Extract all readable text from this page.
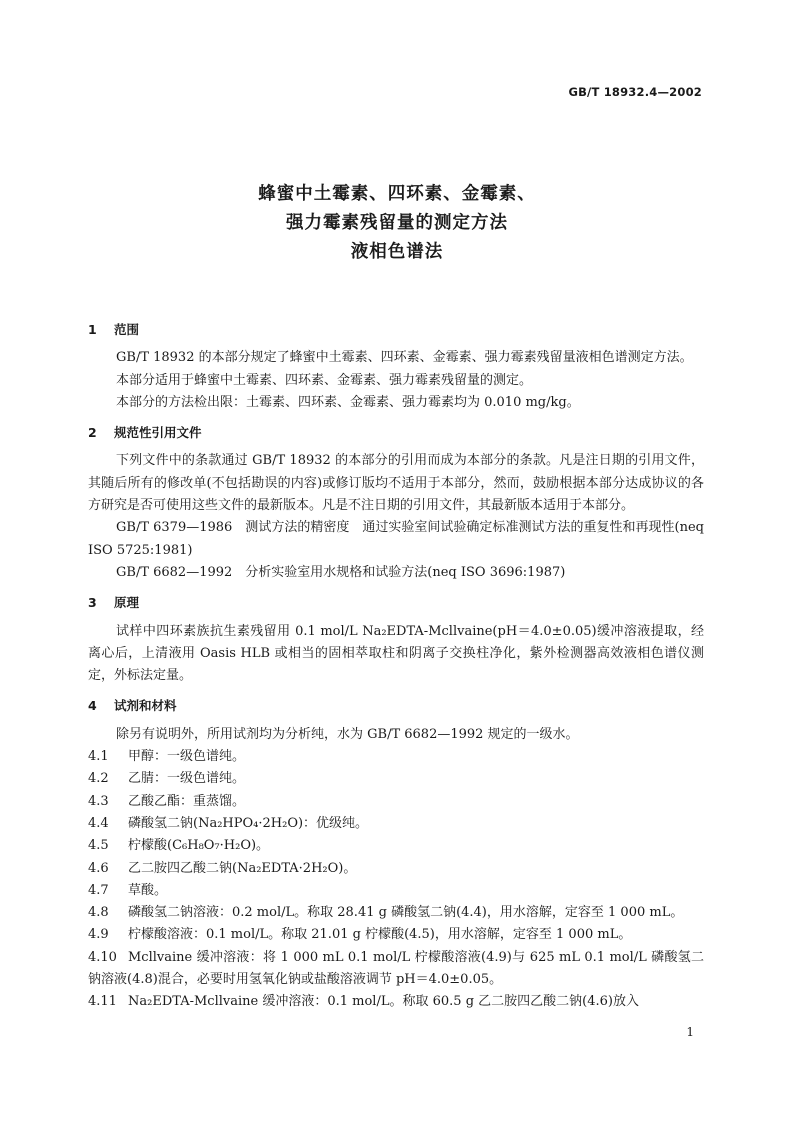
GB/T 18932.4—2002
蜂蜜中土霉素、四环素、金霉素、
强力霉素残留量的测定方法
液相色谱法
1 范围

GB/T 18932 的本部分规定了蜂蜜中土霉素、四环素、金霉素、强力霉素残留量液相色谱测定方法。

本部分适用于蜂蜜中土霉素、四环素、金霉素、强力霉素残留量的测定。

本部分的方法检出限：土霉素、四环素、金霉素、强力霉素均为 0.010 mg/kg。

2 规范性引用文件

下列文件中的条款通过 GB/T 18932 的本部分的引用而成为本部分的条款。凡是注日期的引用文件，其随后所有的修改单(不包括勘误的内容)或修订版均不适用于本部分，然而，鼓励根据本部分达成协议的各方研究是否可使用这些文件的最新版本。凡是不注日期的引用文件，其最新版本适用于本部分。

GB/T 6379—1986　测试方法的精密度　通过实验室间试验确定标准测试方法的重复性和再现性(neq ISO 5725:1981)

GB/T 6682—1992　分析实验室用水规格和试验方法(neq ISO 3696:1987)

3 原理

试样中四环素族抗生素残留用 0.1 mol/L Na₂EDTA-Mcllvaine(pH＝4.0±0.05)缓冲溶液提取，经离心后，上清液用 Oasis HLB 或相当的固相萃取柱和阴离子交换柱净化，紫外检测器高效液相色谱仪测定，外标法定量。

4 试剂和材料

除另有说明外，所用试剂均为分析纯，水为 GB/T 6682—1992 规定的一级水。

4.1 甲醇：一级色谱纯。

4.2 乙腈：一级色谱纯。

4.3 乙酸乙酯：重蒸馏。

4.4 磷酸氢二钠(Na₂HPO₄·2H₂O)：优级纯。

4.5 柠檬酸(C₆H₈O₇·H₂O)。

4.6 乙二胺四乙酸二钠(Na₂EDTA·2H₂O)。

4.7 草酸。

4.8 磷酸氢二钠溶液：0.2 mol/L。称取 28.41 g 磷酸氢二钠(4.4)，用水溶解，定容至 1 000 mL。

4.9 柠檬酸溶液：0.1 mol/L。称取 21.01 g 柠檬酸(4.5)，用水溶解，定容至 1 000 mL。

4.10 Mcllvaine 缓冲溶液：将 1 000 mL 0.1 mol/L 柠檬酸溶液(4.9)与 625 mL 0.1 mol/L 磷酸氢二钠溶液(4.8)混合，必要时用氢氧化钠或盐酸溶液调节 pH＝4.0±0.05。

4.11 Na₂EDTA-Mcllvaine 缓冲溶液：0.1 mol/L。称取 60.5 g 乙二胺四乙酸二钠(4.6)放入

1
